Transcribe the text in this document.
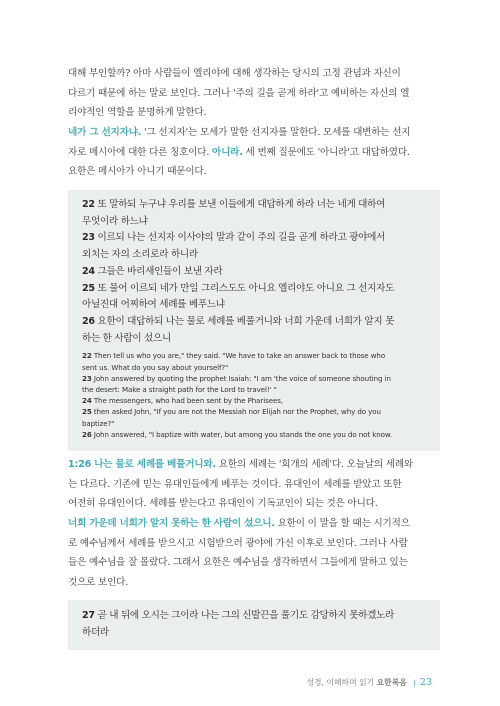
대해 부인할까? 아마 사람들이 엘리야에 대해 생각하는 당시의 고정 관념과 자신이
다르기 때문에 하는 말로 보인다. 그러나 '주의 길을 곧게 하라'고 예비하는 자신의 엘
리야적인 역할을 분명하게 말한다.
네가 그 선지자냐. '그 선지자'는 모세가 말한 선지자를 말한다. 모세를 대변하는 선지
자로 메시아에 대한 다른 칭호이다. 아니라. 세 번째 질문에도 '아니라'고 대답하였다.
요한은 메시아가 아니기 때문이다.
22 또 말하되 누구냐 우리를 보낸 이들에게 대답하게 하라 너는 네게 대하여
무엇이라 하느냐
23 이르되 나는 선지자 이사야의 말과 같이 주의 길을 곧게 하라고 광야에서
외치는 자의 소리로라 하니라
24 그들은 바리새인들이 보낸 자라
25 또 물어 이르되 네가 만일 그리스도도 아니요 엘리야도 아니요 그 선지자도
아닐진대 어찌하여 세례를 베푸느냐
26 요한이 대답하되 나는 물로 세례를 베풀거니와 너희 가운데 너희가 알지 못
하는 한 사람이 섰으니
22 Then tell us who you are," they said. "We have to take an answer back to those who
sent us. What do you say about yourself?"
23 John answered by quoting the prophet Isaiah: "I am 'the voice of someone shouting in
the desert: Make a straight path for the Lord to travel!' "
24 The messengers, who had been sent by the Pharisees,
25 then asked John, "If you are not the Messiah nor Elijah nor the Prophet, why do you
baptize?"
26 John answered, "I baptize with water, but among you stands the one you do not know.
1:26 나는 물로 세례를 베풀거니와. 요한의 세례는 '회개의 세례'다. 오늘날의 세례와
는 다르다. 기존에 믿는 유대인들에게 베푸는 것이다. 유대인이 세례를 받았고 또한
여전히 유대인이다. 세례를 받는다고 유대인이 기독교인이 되는 것은 아니다.
너희 가운데 너희가 알지 못하는 한 사람이 섰으니. 요한이 이 말을 할 때는 시기적으
로 예수님께서 세례를 받으시고 시험받으러 광야에 가신 이후로 보인다. 그러나 사람
들은 예수님을 잘 몰랐다. 그래서 요한은 예수님을 생각하면서 그들에게 말하고 있는
것으로 보인다.
27 곧 내 뒤에 오시는 그이라 나는 그의 신발끈을 풀기도 감당하지 못하겠노라
하더라
성경, 이해하며 읽기 요한복음 | 23
